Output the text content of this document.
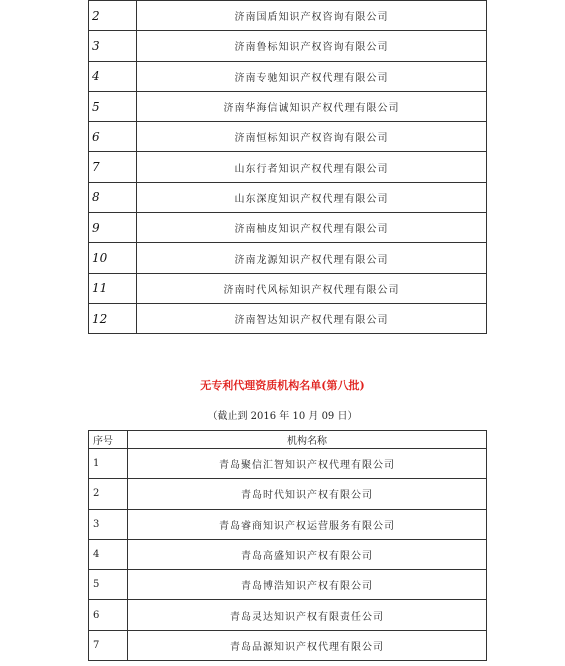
2	济南国盾知识产权咨询有限公司
3	济南鲁标知识产权咨询有限公司
4	济南专驰知识产权代理有限公司
5	济南华海信诚知识产权代理有限公司
6	济南恒标知识产权咨询有限公司
7	山东行者知识产权代理有限公司
8	山东深度知识产权代理有限公司
9	济南柚皮知识产权代理有限公司
10	济南龙源知识产权代理有限公司
11	济南时代风标知识产权代理有限公司
12	济南智达知识产权代理有限公司
无专利代理资质机构名单(第八批)
（截止到 2016 年 10 月 09 日）
序号	机构名称
1	青岛聚信汇智知识产权代理有限公司
2	青岛时代知识产权有限公司
3	青岛睿商知识产权运营服务有限公司
4	青岛高盛知识产权有限公司
5	青岛博浩知识产权有限公司
6	青岛灵达知识产权有限责任公司
7	青岛品源知识产权代理有限公司
